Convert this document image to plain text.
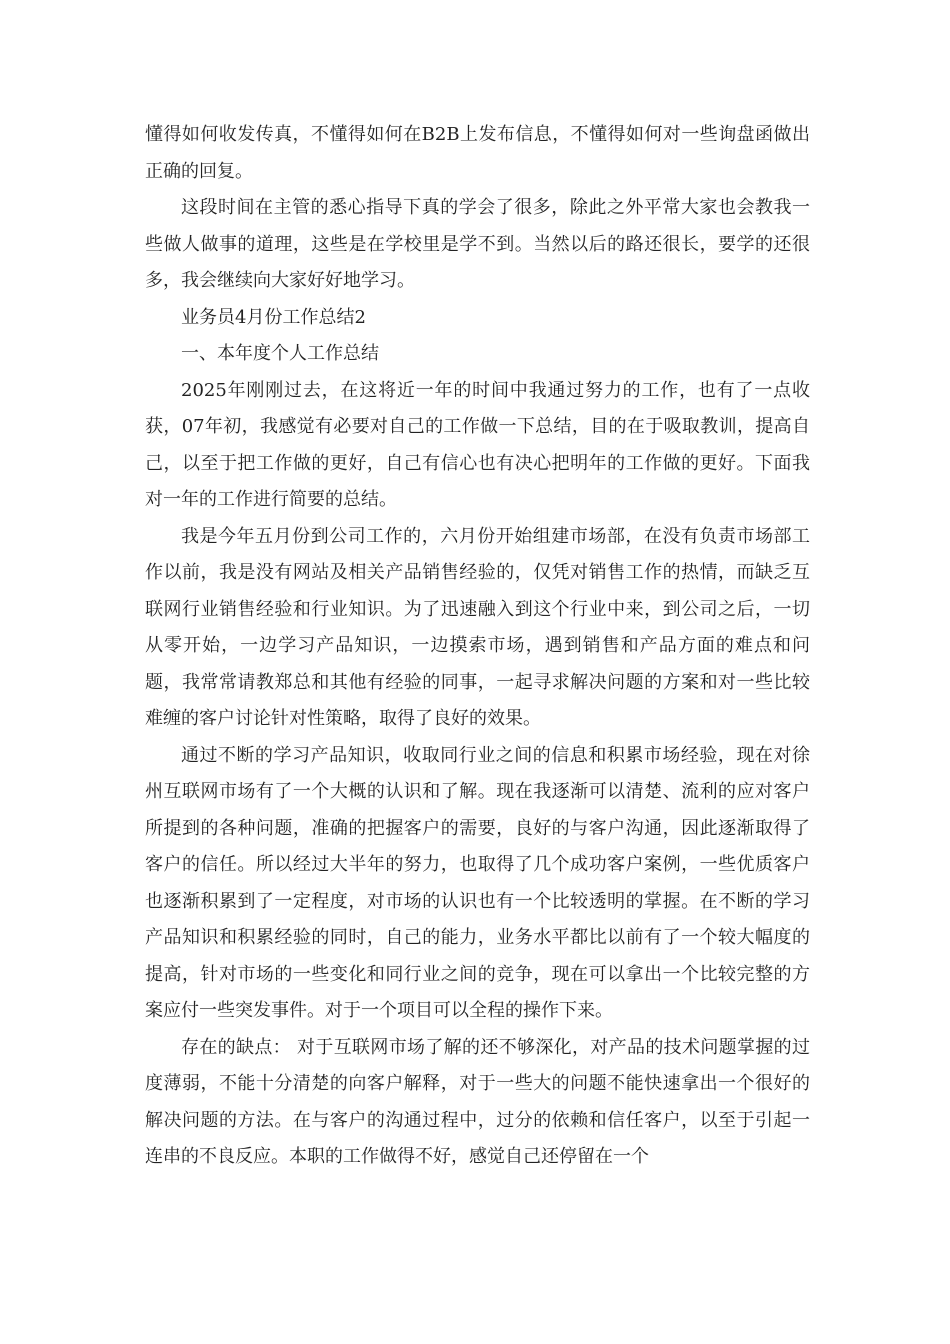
懂得如何收发传真，不懂得如何在B2B上发布信息，不懂得如何对一些询盘函做出正确的回复。

这段时间在主管的悉心指导下真的学会了很多，除此之外平常大家也会教我一些做人做事的道理，这些是在学校里是学不到。当然以后的路还很长，要学的还很多，我会继续向大家好好地学习。

业务员4月份工作总结2

一、本年度个人工作总结

2025年刚刚过去，在这将近一年的时间中我通过努力的工作，也有了一点收获，07年初，我感觉有必要对自己的工作做一下总结，目的在于吸取教训，提高自己，以至于把工作做的更好，自己有信心也有决心把明年的工作做的更好。下面我对一年的工作进行简要的总结。

我是今年五月份到公司工作的，六月份开始组建市场部，在没有负责市场部工作以前，我是没有网站及相关产品销售经验的，仅凭对销售工作的热情，而缺乏互联网行业销售经验和行业知识。为了迅速融入到这个行业中来，到公司之后，一切从零开始，一边学习产品知识，一边摸索市场，遇到销售和产品方面的难点和问题，我常常请教郑总和其他有经验的同事，一起寻求解决问题的方案和对一些比较难缠的客户讨论针对性策略，取得了良好的效果。

通过不断的学习产品知识，收取同行业之间的信息和积累市场经验，现在对徐州互联网市场有了一个大概的认识和了解。现在我逐渐可以清楚、流利的应对客户所提到的各种问题，准确的把握客户的需要，良好的与客户沟通，因此逐渐取得了客户的信任。所以经过大半年的努力，也取得了几个成功客户案例，一些优质客户也逐渐积累到了一定程度，对市场的认识也有一个比较透明的掌握。在不断的学习产品知识和积累经验的同时，自己的能力，业务水平都比以前有了一个较大幅度的提高，针对市场的一些变化和同行业之间的竞争，现在可以拿出一个比较完整的方案应付一些突发事件。对于一个项目可以全程的操作下来。

存在的缺点： 对于互联网市场了解的还不够深化，对产品的技术问题掌握的过度薄弱，不能十分清楚的向客户解释，对于一些大的问题不能快速拿出一个很好的解决问题的方法。在与客户的沟通过程中，过分的依赖和信任客户，以至于引起一连串的不良反应。本职的工作做得不好，感觉自己还停留在一个
